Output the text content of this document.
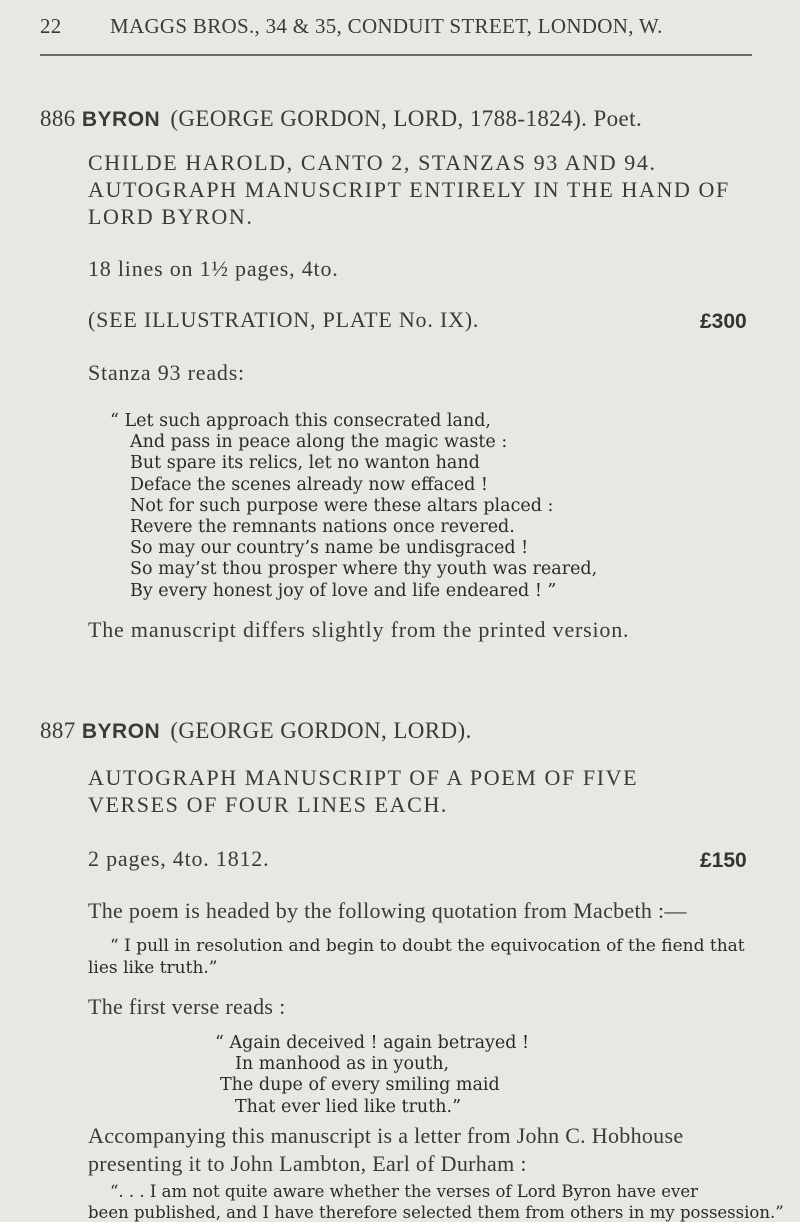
22 MAGGS BROS., 34 & 35, CONDUIT STREET, LONDON, W.
886 BYRON (GEORGE GORDON, LORD, 1788-1824). Poet.
CHILDE HAROLD, CANTO 2, STANZAS 93 AND 94.
AUTOGRAPH MANUSCRIPT ENTIRELY IN THE HAND OF
LORD BYRON.
18 lines on 1½ pages, 4to.
(SEE ILLUSTRATION, PLATE No. IX).	£300
Stanza 93 reads:
“ Let such approach this consecrated land,
And pass in peace along the magic waste :
But spare its relics, let no wanton hand
Deface the scenes already now effaced !
Not for such purpose were these altars placed :
Revere the remnants nations once revered.
So may our country’s name be undisgraced !
So may’st thou prosper where thy youth was reared,
By every honest joy of love and life endeared ! ”
The manuscript differs slightly from the printed version.
887 BYRON (GEORGE GORDON, LORD).
AUTOGRAPH MANUSCRIPT OF A POEM OF FIVE
VERSES OF FOUR LINES EACH.
2 pages, 4to. 1812.	£150
The poem is headed by the following quotation from Macbeth :—
“ I pull in resolution and begin to doubt the equivocation of the fiend that
lies like truth.”
The first verse reads :
“ Again deceived ! again betrayed !
In manhood as in youth,
The dupe of every smiling maid
That ever lied like truth.”
Accompanying this manuscript is a letter from John C. Hobhouse
presenting it to John Lambton, Earl of Durham :
“. . . I am not quite aware whether the verses of Lord Byron have ever
been published, and I have therefore selected them from others in my possession.”
